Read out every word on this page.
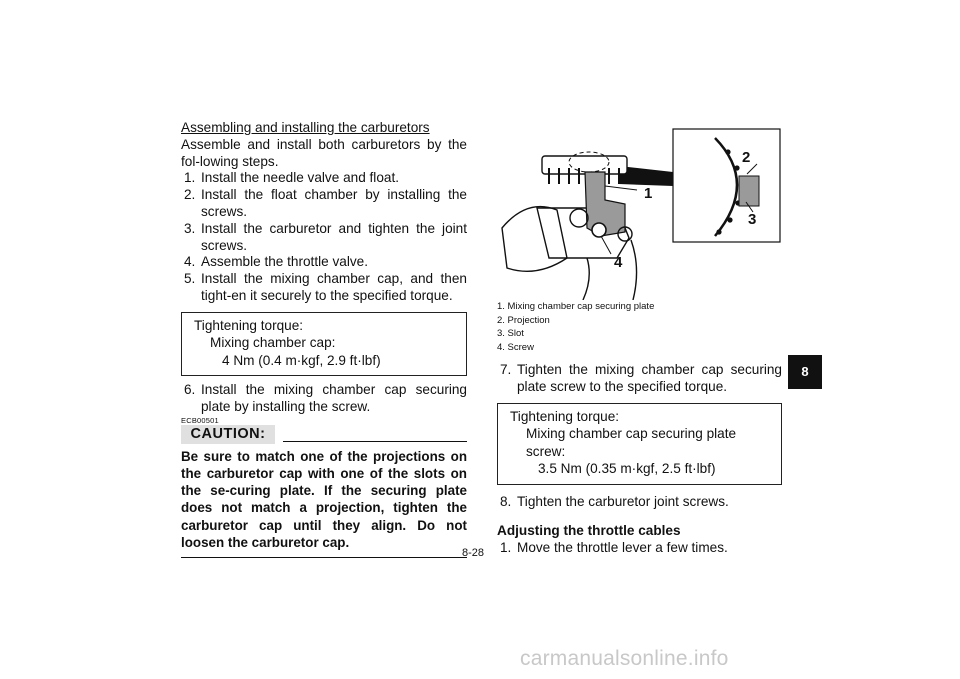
Assembling and installing the carburetors

Assemble and install both carburetors by the fol-lowing steps.

1. Install the needle valve and float.
2. Install the float chamber by installing the screws.
3. Install the carburetor and tighten the joint screws.
4. Assemble the throttle valve.
5. Install the mixing chamber cap, and then tight-en it securely to the specified torque.
Tightening torque:
Mixing chamber cap:
4 Nm (0.4 m·kgf, 2.9 ft·lbf)
6. Install the mixing chamber cap securing plate by installing the screw.
ECB00501
CAUTION:

Be sure to match one of the projections on the carburetor cap with one of the slots on the se-curing plate. If the securing plate does not match a projection, tighten the carburetor cap until they align. Do not loosen the carburetor cap.

2
3
1
4
1. Mixing chamber cap securing plate
2. Projection
3. Slot
4. Screw
7. Tighten the mixing chamber cap securing plate screw to the specified torque.
Tightening torque:
Mixing chamber cap securing plate screw:
3.5 Nm (0.35 m·kgf, 2.5 ft·lbf)
8. Tighten the carburetor joint screws.
Adjusting the throttle cables
1. Move the throttle lever a few times.
8
8-28
carmanualsonline.info
